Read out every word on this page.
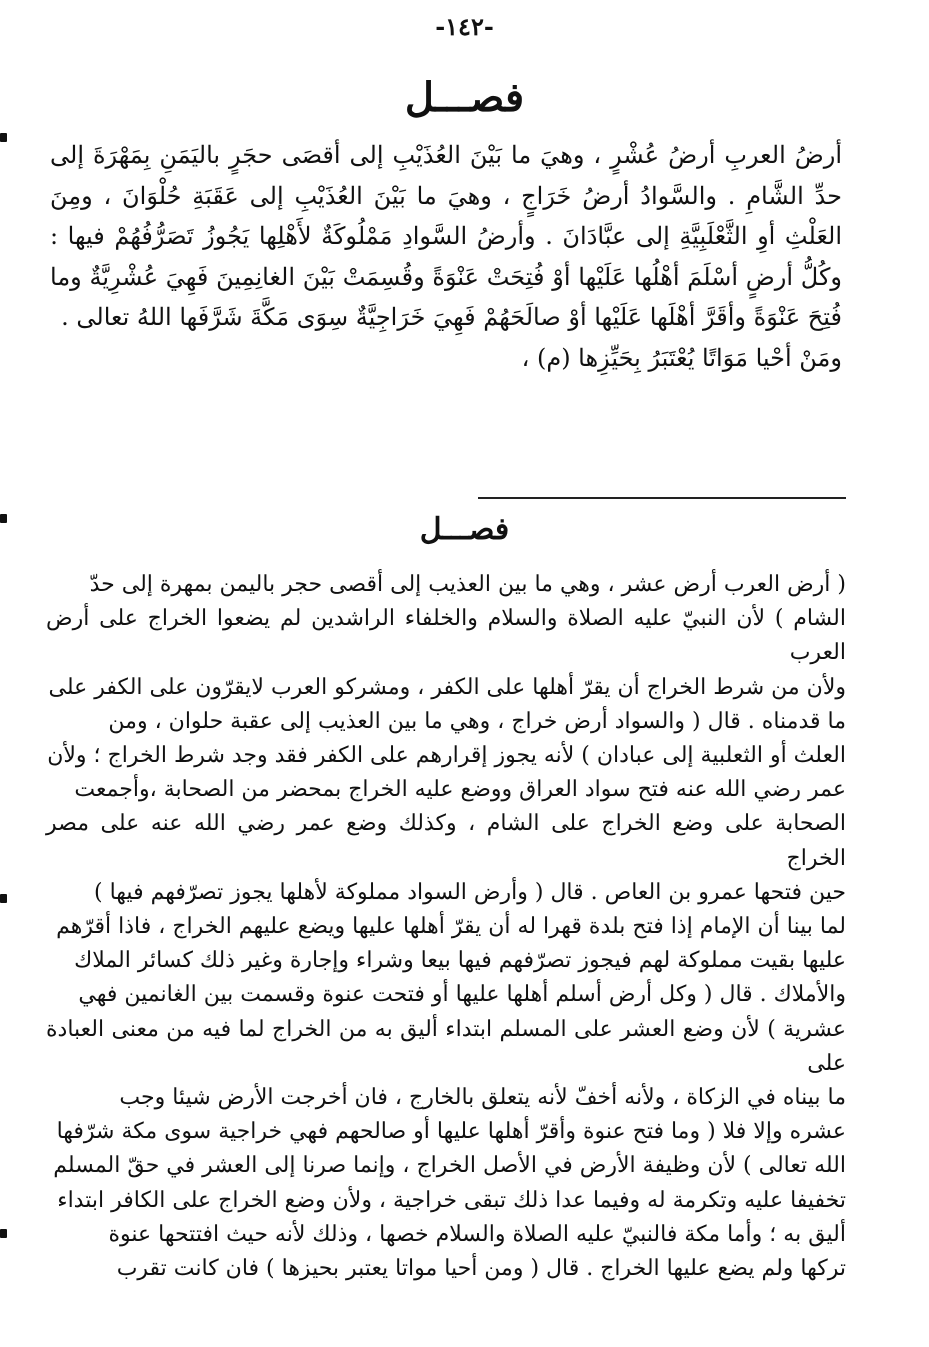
-١٤٢-
فصـــل

أرضُ العربِ أرضُ عُشْرٍ ، وهيَ ما بَيْنَ العُذَيْبِ إلى أقصَى حجَرٍ باليَمَنِ بِمَهْرَةَ إلى حدِّ الشَّامِ . والسَّوادُ أرضُ خَرَاجٍ ، وهيَ ما بَيْنَ العُذَيْبِ إلى عَقَبَةِ حُلْوَانَ ، ومِنَ العَلْثِ أوِ الثَّعْلَبِيَّةِ إلى عبَّادَانَ . وأرضُ السَّوادِ مَمْلُوكَةٌ لأَهْلِها يَجُوزُ تَصَرُّفُهُمْ فيها : وكُلُّ أرضٍ أسْلَمَ أهْلُها عَلَيْها أوْ فُتِحَتْ عَنْوَةً وقُسِمَتْ بَيْنَ الغانِمِينَ فَهِيَ عُشْرِيَّةٌ وما فُتِحَ عَنْوَةً وأقَرَّ أهْلَها عَلَيْها أوْ صالَحَهُمْ فَهِيَ خَرَاجِيَّةٌ سِوَى مَكَّةَ شَرَّفَها اللهُ تعالى .

ومَنْ أحْيا مَوَاتًا يُعْتَبَرُ بِحَيِّزِها (م) ،

فصـــل

( أرض العرب أرض عشر ، وهي ما بين العذيب إلى أقصى حجر باليمن بمهرة إلى حدّ

الشام ) لأن النبيّ عليه الصلاة والسلام والخلفاء الراشدين لم يضعوا الخراج على أرض العرب

ولأن من شرط الخراج أن يقرّ أهلها على الكفر ، ومشركو العرب لايقرّون على الكفر على

ما قدمناه . قال ( والسواد أرض خراج ، وهي ما بين العذيب إلى عقبة حلوان ، ومن

العلث أو الثعلبية إلى عبادان ) لأنه يجوز إقرارهم على الكفر فقد وجد شرط الخراج ؛ ولأن

عمر رضي الله عنه فتح سواد العراق ووضع عليه الخراج بمحضر من الصحابة ،وأجمعت

الصحابة على وضع الخراج على الشام ، وكذلك وضع عمر رضي الله عنه على مصر الخراج

حين فتحها عمرو بن العاص . قال ( وأرض السواد مملوكة لأهلها يجوز تصرّفهم فيها )

لما بينا أن الإمام إذا فتح بلدة قهرا له أن يقرّ أهلها عليها ويضع عليهم الخراج ، فاذا أقرّهم

عليها بقيت مملوكة لهم فيجوز تصرّفهم فيها بيعا وشراء وإجارة وغير ذلك كسائر الملاك

والأملاك . قال ( وكل أرض أسلم أهلها عليها أو فتحت عنوة وقسمت بين الغانمين فهي

عشرية ) لأن وضع العشر على المسلم ابتداء أليق به من الخراج لما فيه من معنى العبادة على

ما بيناه في الزكاة ، ولأنه أخفّ لأنه يتعلق بالخارج ، فان أخرجت الأرض شيئا وجب

عشره وإلا فلا ( وما فتح عنوة وأقرّ أهلها عليها أو صالحهم فهي خراجية سوى مكة شرّفها

الله تعالى ) لأن وظيفة الأرض في الأصل الخراج ، وإنما صرنا إلى العشر في حقّ المسلم

تخفيفا عليه وتكرمة له وفيما عدا ذلك تبقى خراجية ، ولأن وضع الخراج على الكافر ابتداء

أليق به ؛ وأما مكة فالنبيّ عليه الصلاة والسلام خصها ، وذلك لأنه حيث افتتحها عنوة

تركها ولم يضع عليها الخراج . قال ( ومن أحيا مواتا يعتبر بحيزها ) فان كانت تقرب
